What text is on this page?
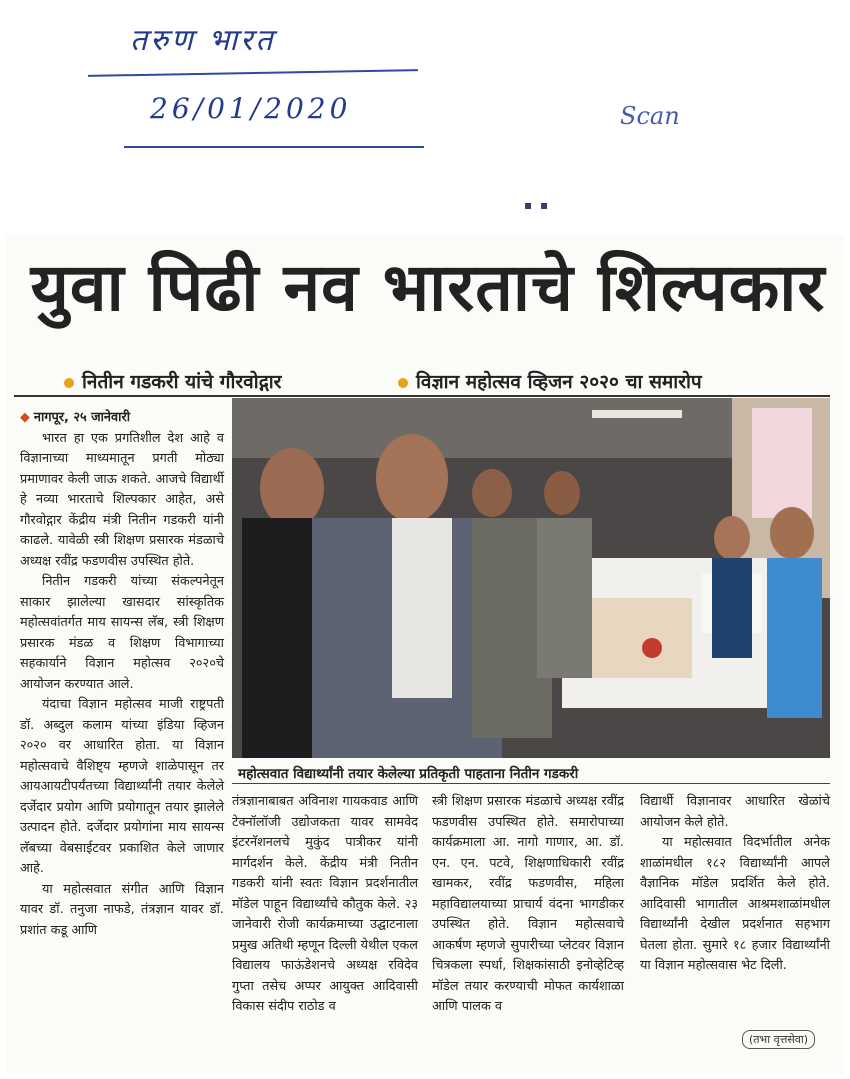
तरुण भारत
26/01/2020	Scan
▪ ▪
युवा पिढी नव भारताचे शिल्पकार
नितीन गडकरी यांचे गौरवोद्गार	विज्ञान महोत्सव व्हिजन २०२० चा समारोप

◆ नागपूर, २५ जानेवारी

भारत हा एक प्रगतिशील देश आहे व विज्ञानाच्या माध्यमातून प्रगती मोठ्या प्रमाणावर केली जाऊ शकते. आजचे विद्यार्थी हे नव्या भारताचे शिल्पकार आहेत, असे गौरवोद्गार केंद्रीय मंत्री नितीन गडकरी यांनी काढले. यावेळी स्त्री शिक्षण प्रसारक मंडळाचे अध्यक्ष रवींद्र फडणवीस उपस्थित होते.

नितीन गडकरी यांच्या संकल्पनेतून साकार झालेल्या खासदार सांस्कृतिक महोत्सवांतर्गत माय सायन्स लॅब, स्त्री शिक्षण प्रसारक मंडळ व शिक्षण विभागाच्या सहकार्याने विज्ञान महोत्सव २०२०चे आयोजन करण्यात आले.

यंदाचा विज्ञान महोत्सव माजी राष्ट्रपती डॉ. अब्दुल कलाम यांच्या इंडिया व्हिजन २०२० वर आधारित होता. या विज्ञान महोत्सवाचे वैशिष्ट्य म्हणजे शाळेपासून तर आयआयटीपर्यंतच्या विद्यार्थ्यांनी तयार केलेले दर्जेदार प्रयोग आणि प्रयोगातून तयार झालेले उत्पादन होते. दर्जेदार प्रयोगांना माय सायन्स लॅबच्या वेबसाईटवर प्रकाशित केले जाणार आहे.

या महोत्सवात संगीत आणि विज्ञान यावर डॉ. तनुजा नाफडे, तंत्रज्ञान यावर डॉ. प्रशांत कडू आणि

महोत्सवात विद्यार्थ्यांनी तयार केलेल्या प्रतिकृती पाहताना नितीन गडकरी

तंत्रज्ञानाबाबत अविनाश गायकवाड आणि टेक्नॉलॉजी उद्योजकता यावर सामवेद इंटरनॅशनलचे मुकुंद पात्रीकर यांनी मार्गदर्शन केले. केंद्रीय मंत्री नितीन गडकरी यांनी स्वतः विज्ञान प्रदर्शनातील मॉडेल पाहून विद्यार्थ्यांचे कौतुक केले. २३ जानेवारी रोजी कार्यक्रमाच्या उद्घाटनाला प्रमुख अतिथी म्हणून दिल्ली येथील एकल विद्यालय फाऊंडेशनचे अध्यक्ष रविदेव गुप्ता तसेच अप्पर आयुक्त आदिवासी विकास संदीप राठोड व

स्त्री शिक्षण प्रसारक मंडळाचे अध्यक्ष रवींद्र फडणवीस उपस्थित होते. समारोपाच्या कार्यक्रमाला आ. नागो गाणार, आ. डॉ. एन. एन. पटवे, शिक्षणाधिकारी रवींद्र खामकर, रवींद्र फडणवीस, महिला महाविद्यालयाच्या प्राचार्य वंदना भागडीकर उपस्थित होते. विज्ञान महोत्सवाचे आकर्षण म्हणजे सुपारीच्या प्लेटवर विज्ञान चित्रकला स्पर्धा, शिक्षकांसाठी इनोव्हेटिव्ह मॉडेल तयार करण्याची मोफत कार्यशाळा आणि पालक व

विद्यार्थी विज्ञानावर आधारित खेळांचे आयोजन केले होते.

या महोत्सवात विदर्भातील अनेक शाळांमधील १८२ विद्यार्थ्यांनी आपले वैज्ञानिक मॉडेल प्रदर्शित केले होते. आदिवासी भागातील आश्रमशाळांमधील विद्यार्थ्यांनी देखील प्रदर्शनात सहभाग घेतला होता. सुमारे १८ हजार विद्यार्थ्यांनी या विज्ञान महोत्सवास भेट दिली.

(तभा वृत्तसेवा)
